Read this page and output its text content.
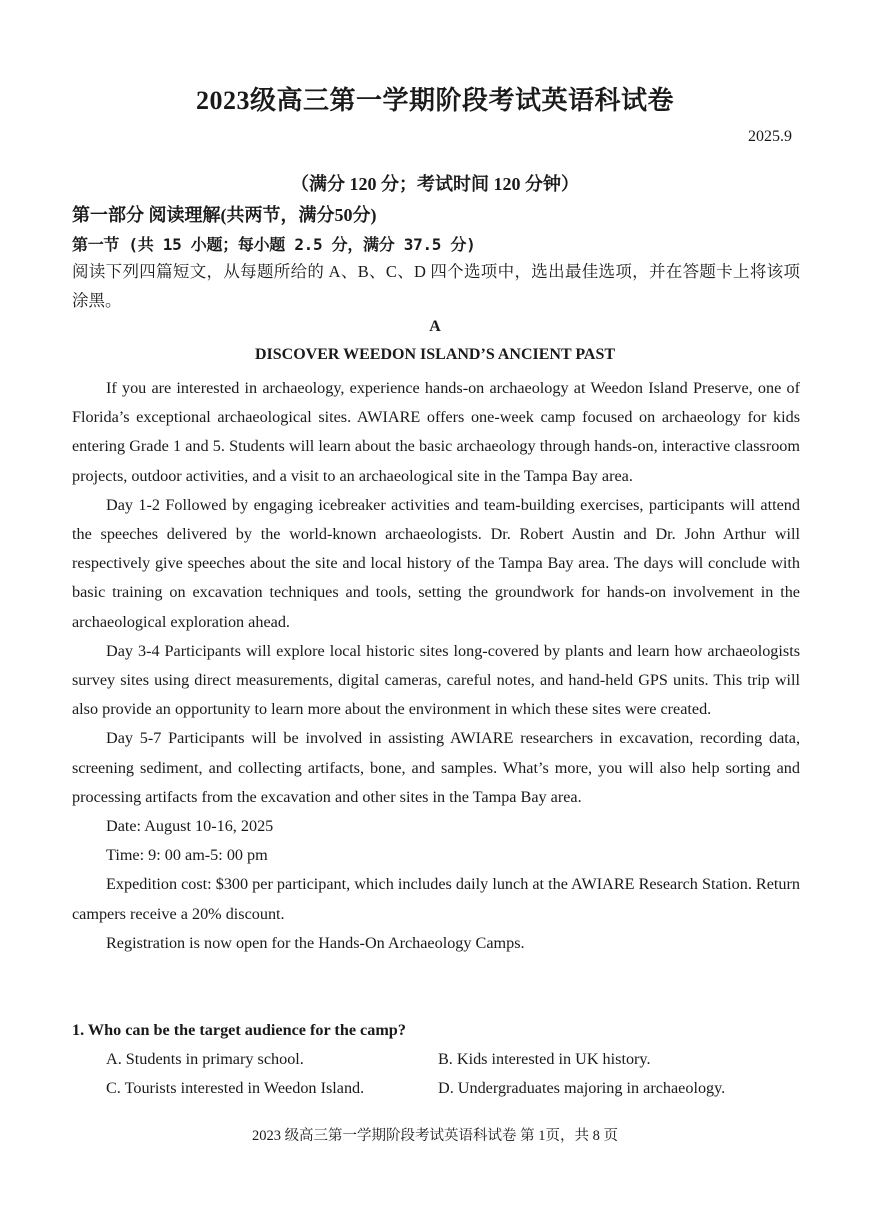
2023级高三第一学期阶段考试英语科试卷
2025.9
（满分 120 分；考试时间 120 分钟）
第一部分 阅读理解(共两节，满分50分)
第一节 (共 15 小题；每小题 2.5 分，满分 37.5 分)
阅读下列四篇短文，从每题所给的 A、B、C、D 四个选项中，选出最佳选项，并在答题卡上将该项涂黑。
A
DISCOVER WEEDON ISLAND’S ANCIENT PAST

If you are interested in archaeology, experience hands-on archaeology at Weedon Island Preserve, one of Florida’s exceptional archaeological sites. AWIARE offers one-week camp focused on archaeology for kids entering Grade 1 and 5. Students will learn about the basic archaeology through hands-on, interactive classroom projects, outdoor activities, and a visit to an archaeological site in the Tampa Bay area.

Day 1-2 Followed by engaging icebreaker activities and team-building exercises, participants will attend the speeches delivered by the world-known archaeologists. Dr. Robert Austin and Dr. John Arthur will respectively give speeches about the site and local history of the Tampa Bay area. The days will conclude with basic training on excavation techniques and tools, setting the groundwork for hands-on involvement in the archaeological exploration ahead.

Day 3-4 Participants will explore local historic sites long-covered by plants and learn how archaeologists survey sites using direct measurements, digital cameras, careful notes, and hand-held GPS units. This trip will also provide an opportunity to learn more about the environment in which these sites were created.

Day 5-7 Participants will be involved in assisting AWIARE researchers in excavation, recording data, screening sediment, and collecting artifacts, bone, and samples. What’s more, you will also help sorting and processing artifacts from the excavation and other sites in the Tampa Bay area.

Date: August 10-16, 2025

Time: 9: 00 am-5: 00 pm

Expedition cost: $300 per participant, which includes daily lunch at the AWIARE Research Station. Return campers receive a 20% discount.

Registration is now open for the Hands-On Archaeology Camps.

1. Who can be the target audience for the camp?
A. Students in primary school.	B. Kids interested in UK history.
C. Tourists interested in Weedon Island.	D. Undergraduates majoring in archaeology.
2023 级高三第一学期阶段考试英语科试卷 第 1页，共 8 页
